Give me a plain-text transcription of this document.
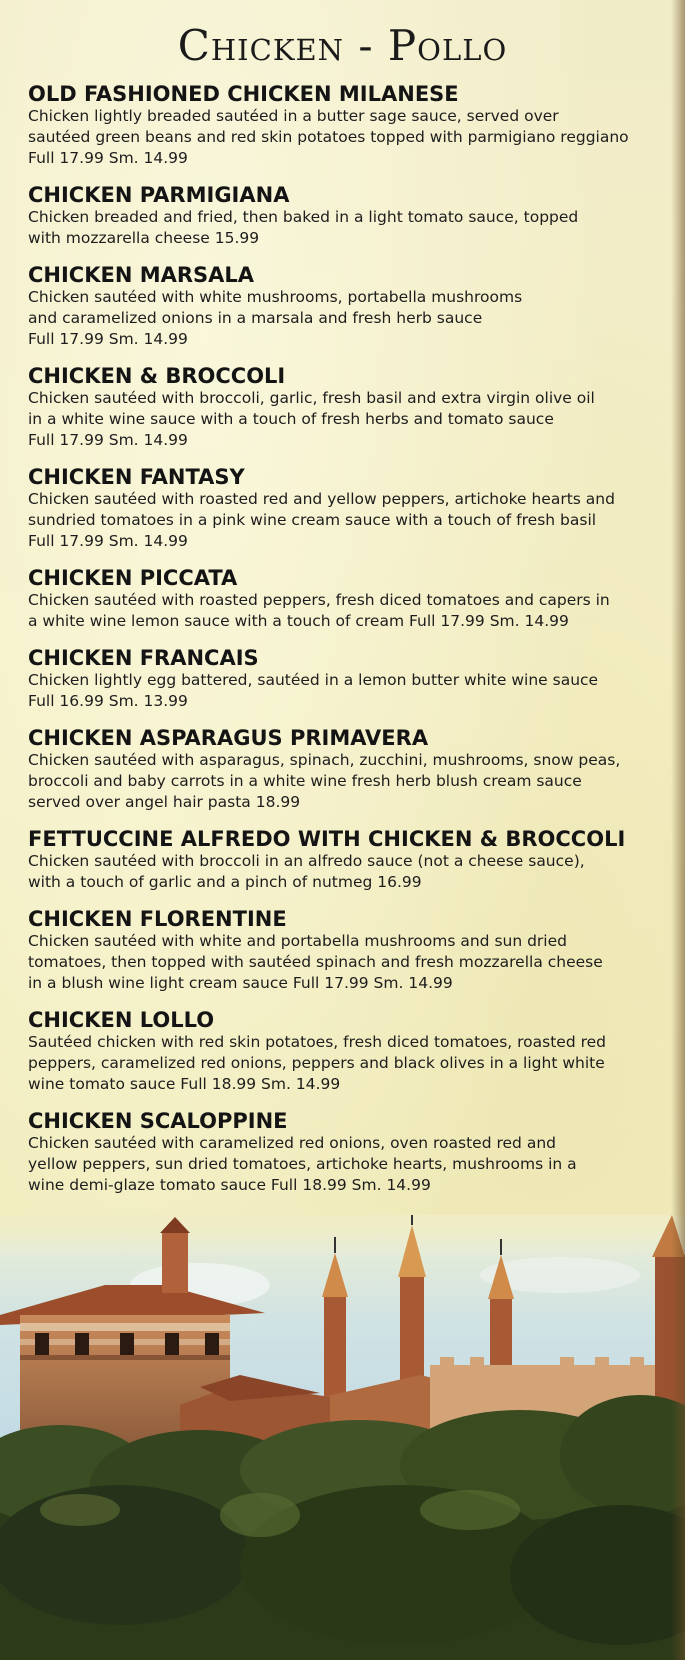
Chicken - Pollo
OLD FASHIONED CHICKEN MILANESE
Chicken lightly breaded sautéed in a butter sage sauce, served over
sautéed green beans and red skin potatoes topped with parmigiano reggiano
Full 17.99 Sm. 14.99
CHICKEN PARMIGIANA
Chicken breaded and fried, then baked in a light tomato sauce, topped
with mozzarella cheese 15.99
CHICKEN MARSALA
Chicken sautéed with white mushrooms, portabella mushrooms
and caramelized onions in a marsala and fresh herb sauce
Full 17.99 Sm. 14.99
CHICKEN & BROCCOLI
Chicken sautéed with broccoli, garlic, fresh basil and extra virgin olive oil
in a white wine sauce with a touch of fresh herbs and tomato sauce
Full 17.99 Sm. 14.99
CHICKEN FANTASY
Chicken sautéed with roasted red and yellow peppers, artichoke hearts and
sundried tomatoes in a pink wine cream sauce with a touch of fresh basil
Full 17.99 Sm. 14.99
CHICKEN PICCATA
Chicken sautéed with roasted peppers, fresh diced tomatoes and capers in
a white wine lemon sauce with a touch of cream Full 17.99 Sm. 14.99
CHICKEN FRANCAIS
Chicken lightly egg battered, sautéed in a lemon butter white wine sauce
Full 16.99 Sm. 13.99
CHICKEN ASPARAGUS PRIMAVERA
Chicken sautéed with asparagus, spinach, zucchini, mushrooms, snow peas,
broccoli and baby carrots in a white wine fresh herb blush cream sauce
served over angel hair pasta 18.99
FETTUCCINE ALFREDO WITH CHICKEN & BROCCOLI
Chicken sautéed with broccoli in an alfredo sauce (not a cheese sauce),
with a touch of garlic and a pinch of nutmeg 16.99
CHICKEN FLORENTINE
Chicken sautéed with white and portabella mushrooms and sun dried
tomatoes, then topped with sautéed spinach and fresh mozzarella cheese
in a blush wine light cream sauce Full 17.99 Sm. 14.99
CHICKEN LOLLO
Sautéed chicken with red skin potatoes, fresh diced tomatoes, roasted red
peppers, caramelized red onions, peppers and black olives in a light white
wine tomato sauce Full 18.99 Sm. 14.99
CHICKEN SCALOPPINE
Chicken sautéed with caramelized red onions, oven roasted red and
yellow peppers, sun dried tomatoes, artichoke hearts, mushrooms in a
wine demi-glaze tomato sauce Full 18.99 Sm. 14.99
